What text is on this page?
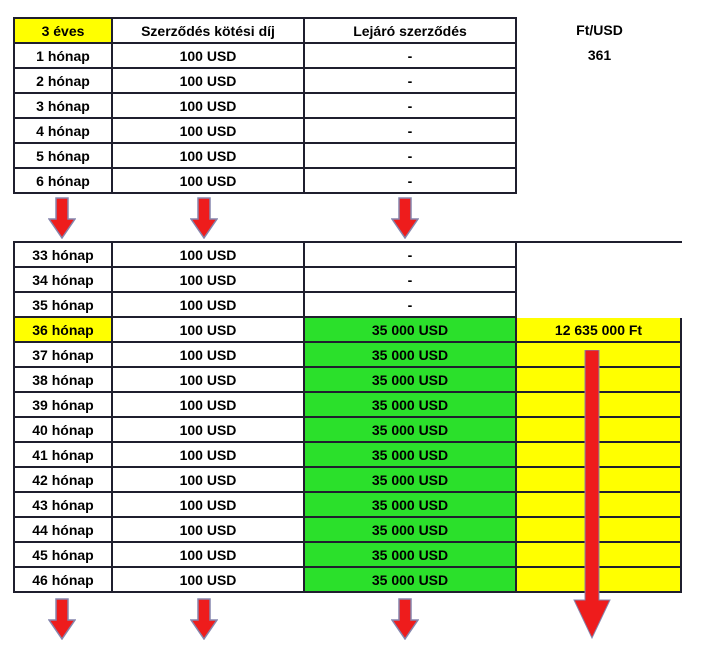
3 éves	Szerződés kötési díj	Lejáró szerződés
1 hónap	100 USD	-
2 hónap	100 USD	-
3 hónap	100 USD	-
4 hónap	100 USD	-
5 hónap	100 USD	-
6 hónap	100 USD	-
Ft/USD
361
33 hónap	100 USD	-
34 hónap	100 USD	-
35 hónap	100 USD	-
36 hónap	100 USD	35 000 USD	12 635 000 Ft
37 hónap	100 USD	35 000 USD
38 hónap	100 USD	35 000 USD
39 hónap	100 USD	35 000 USD
40 hónap	100 USD	35 000 USD
41 hónap	100 USD	35 000 USD
42 hónap	100 USD	35 000 USD
43 hónap	100 USD	35 000 USD
44 hónap	100 USD	35 000 USD
45 hónap	100 USD	35 000 USD
46 hónap	100 USD	35 000 USD
